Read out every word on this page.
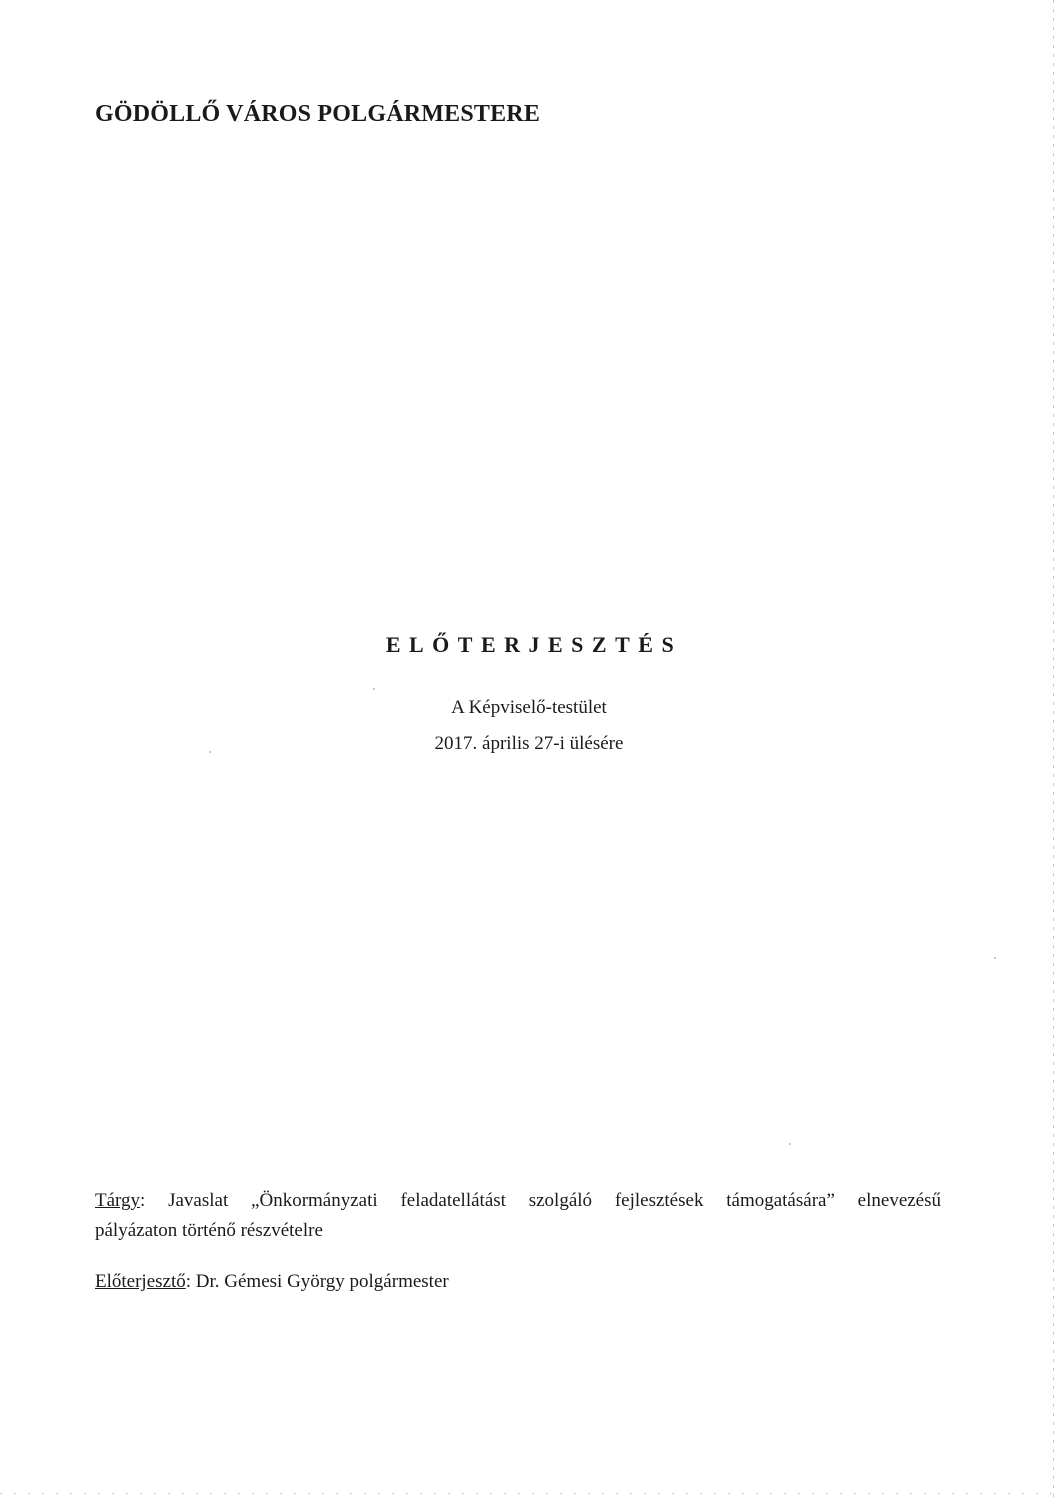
GÖDÖLLŐ VÁROS POLGÁRMESTERE
ELŐTERJESZTÉS
A Képviselő-testület
2017. április 27-i ülésére
Tárgy: Javaslat „Önkormányzati feladatellátást szolgáló fejlesztések támogatására” elnevezésű
pályázaton történő részvételre
Előterjesztő: Dr. Gémesi György polgármester
